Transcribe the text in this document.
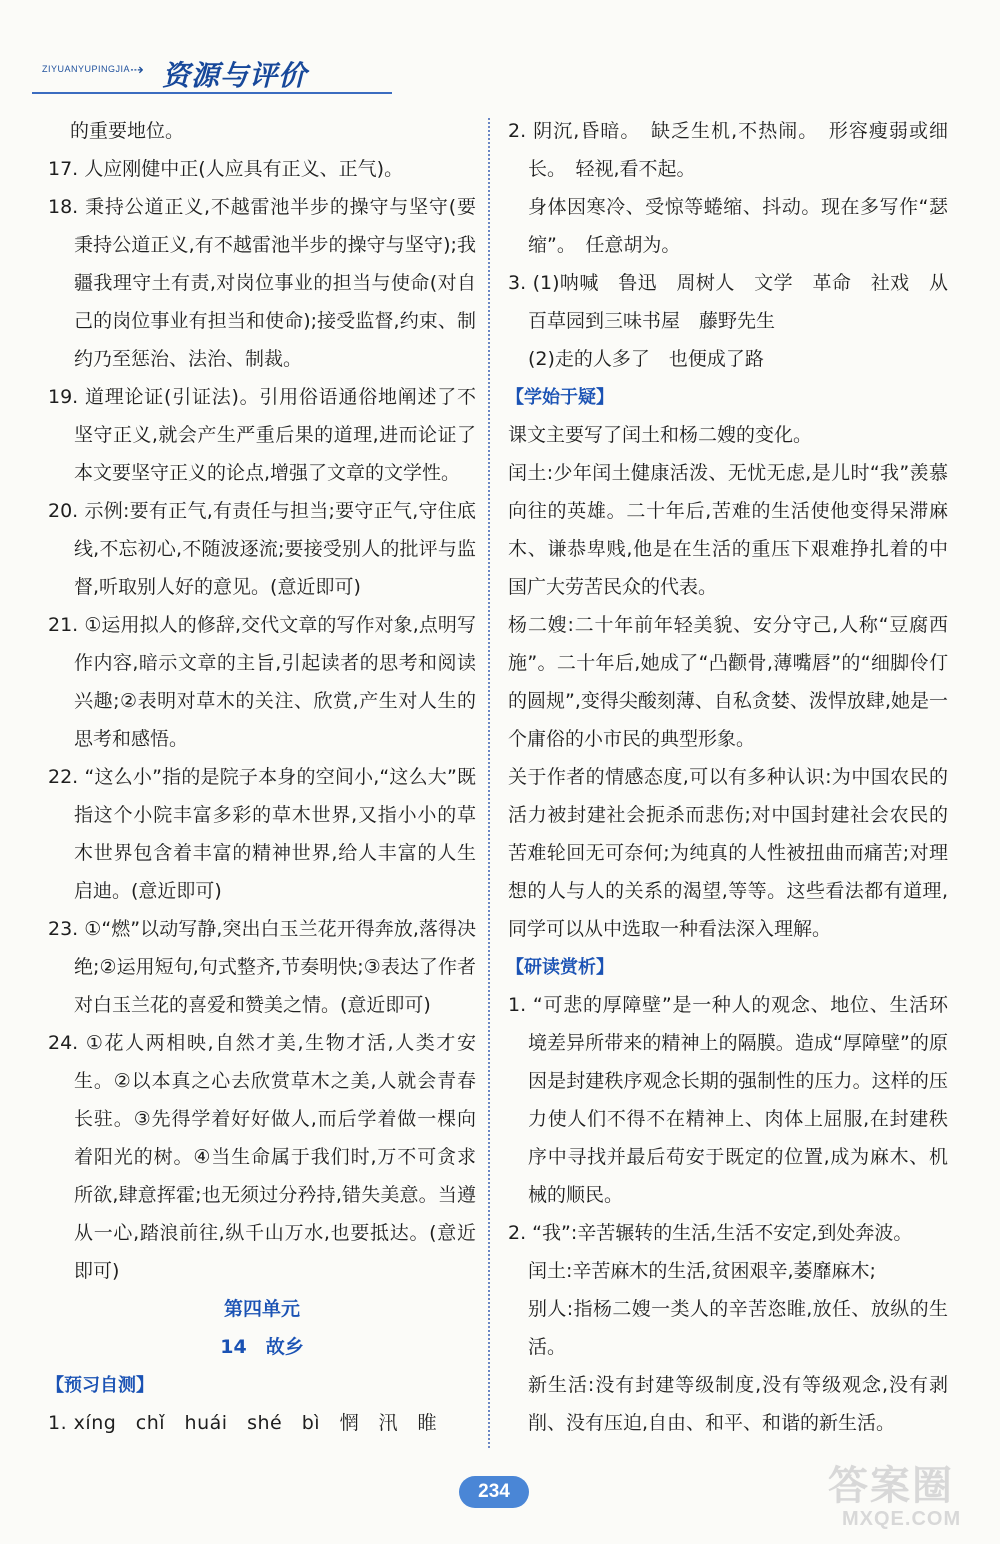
ZIYUANYUPINGJIA ⇢ 资源与评价

的重要地位。

17. 人应刚健中正(人应具有正义、正气)。

18. 秉持公道正义,不越雷池半步的操守与坚守(要秉持公道正义,有不越雷池半步的操守与坚守);我疆我理守土有责,对岗位事业的担当与使命(对自己的岗位事业有担当和使命);接受监督,约束、制约乃至惩治、法治、制裁。

19. 道理论证(引证法)。引用俗语通俗地阐述了不坚守正义,就会产生严重后果的道理,进而论证了本文要坚守正义的论点,增强了文章的文学性。

20. 示例:要有正气,有责任与担当;要守正气,守住底线,不忘初心,不随波逐流;要接受别人的批评与监督,听取别人好的意见。(意近即可)

21. ①运用拟人的修辞,交代文章的写作对象,点明写作内容,暗示文章的主旨,引起读者的思考和阅读兴趣;②表明对草木的关注、欣赏,产生对人生的思考和感悟。

22. “这么小”指的是院子本身的空间小,“这么大”既指这个小院丰富多彩的草木世界,又指小小的草木世界包含着丰富的精神世界,给人丰富的人生启迪。(意近即可)

23. ①“燃”以动写静,突出白玉兰花开得奔放,落得决绝;②运用短句,句式整齐,节奏明快;③表达了作者对白玉兰花的喜爱和赞美之情。(意近即可)

24. ①花人两相映,自然才美,生物才活,人类才安生。②以本真之心去欣赏草木之美,人就会青春长驻。③先得学着好好做人,而后学着做一棵向着阳光的树。④当生命属于我们时,万不可贪求所欲,肆意挥霍;也无须过分矜持,错失美意。当遵从一心,踏浪前往,纵千山万水,也要抵达。(意近即可)

第四单元

14　故乡

【预习自测】

1. xíng　chǐ　huái　shé　bì　惘　汛　睢

2. 阴沉,昏暗。　缺乏生机,不热闹。　形容瘦弱或细长。　轻视,看不起。

身体因寒冷、受惊等蜷缩、抖动。现在多写作“瑟缩”。　任意胡为。

3. (1)呐喊　鲁迅　周树人　文学　革命　社戏　从百草园到三味书屋　藤野先生

(2)走的人多了　也便成了路

【学始于疑】

课文主要写了闰土和杨二嫂的变化。

闰土:少年闰土健康活泼、无忧无虑,是儿时“我”羡慕向往的英雄。二十年后,苦难的生活使他变得呆滞麻木、谦恭卑贱,他是在生活的重压下艰难挣扎着的中国广大劳苦民众的代表。

杨二嫂:二十年前年轻美貌、安分守己,人称“豆腐西施”。二十年后,她成了“凸颧骨,薄嘴唇”的“细脚伶仃的圆规”,变得尖酸刻薄、自私贪婪、泼悍放肆,她是一个庸俗的小市民的典型形象。

关于作者的情感态度,可以有多种认识:为中国农民的活力被封建社会扼杀而悲伤;对中国封建社会农民的苦难轮回无可奈何;为纯真的人性被扭曲而痛苦;对理想的人与人的关系的渴望,等等。这些看法都有道理,同学可以从中选取一种看法深入理解。

【研读赏析】

1. “可悲的厚障壁”是一种人的观念、地位、生活环境差异所带来的精神上的隔膜。造成“厚障壁”的原因是封建秩序观念长期的强制性的压力。这样的压力使人们不得不在精神上、肉体上屈服,在封建秩序中寻找并最后苟安于既定的位置,成为麻木、机械的顺民。

2. “我”:辛苦辗转的生活,生活不安定,到处奔波。

闰土:辛苦麻木的生活,贫困艰辛,萎靡麻木;

别人:指杨二嫂一类人的辛苦恣睢,放任、放纵的生活。

新生活:没有封建等级制度,没有等级观念,没有剥削、没有压迫,自由、和平、和谐的新生活。

234	答案圈
MXQE.COM
